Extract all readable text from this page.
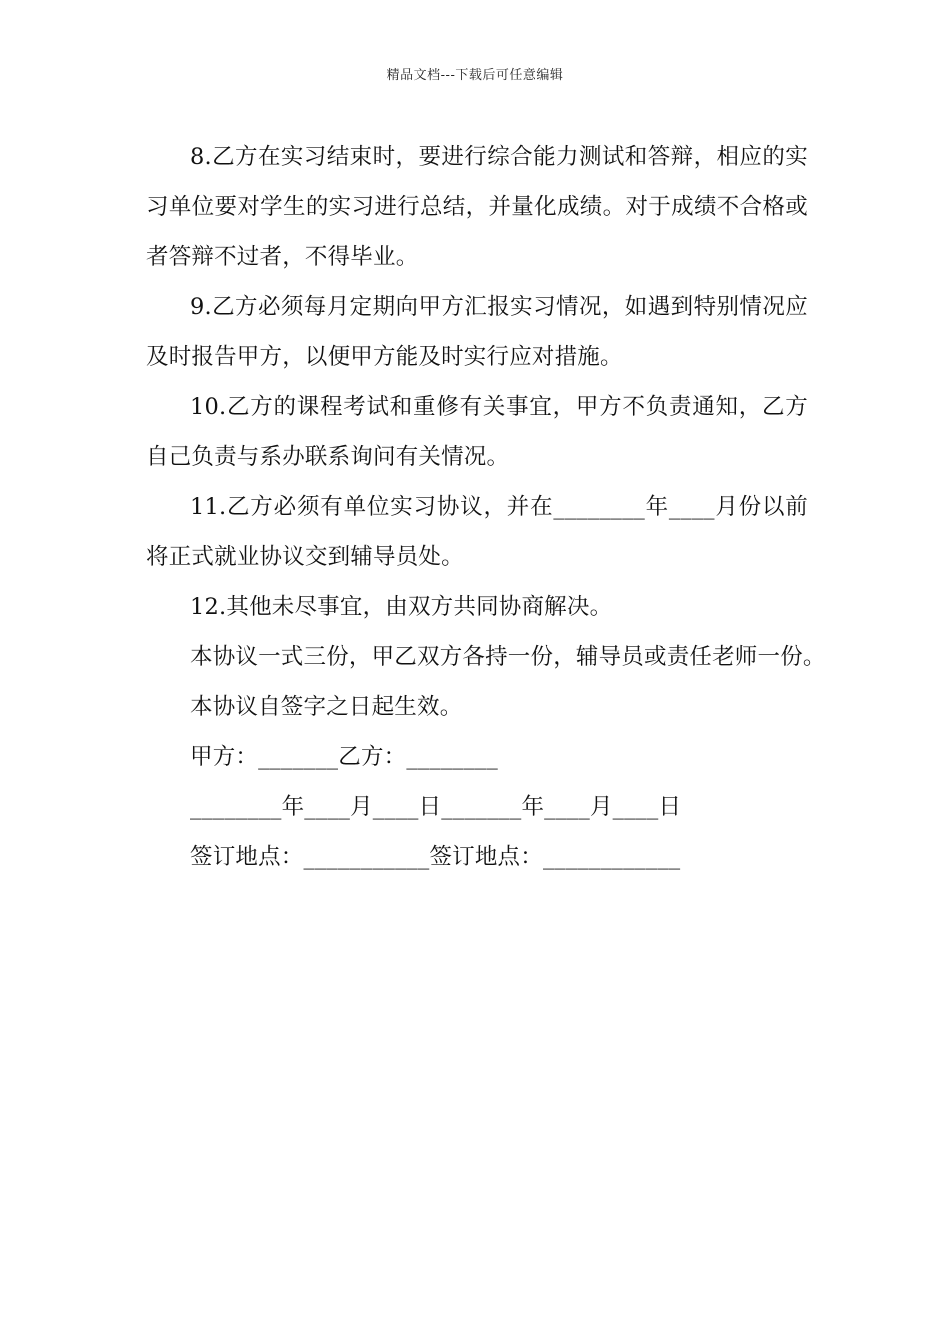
精品文档---下载后可任意编辑

8.乙方在实习结束时，要进行综合能力测试和答辩，相应的实习单位要对学生的实习进行总结，并量化成绩。对于成绩不合格或者答辩不过者，不得毕业。

9.乙方必须每月定期向甲方汇报实习情况，如遇到特别情况应及时报告甲方，以便甲方能及时实行应对措施。

10.乙方的课程考试和重修有关事宜，甲方不负责通知，乙方自己负责与系办联系询问有关情况。

11.乙方必须有单位实习协议，并在________年____月份以前将正式就业协议交到辅导员处。

12.其他未尽事宜，由双方共同协商解决。

本协议一式三份，甲乙双方各持一份，辅导员或责任老师一份。

本协议自签字之日起生效。

甲方：_______乙方：________

________年____月____日_______年____月____日

签订地点：___________签订地点：____________
